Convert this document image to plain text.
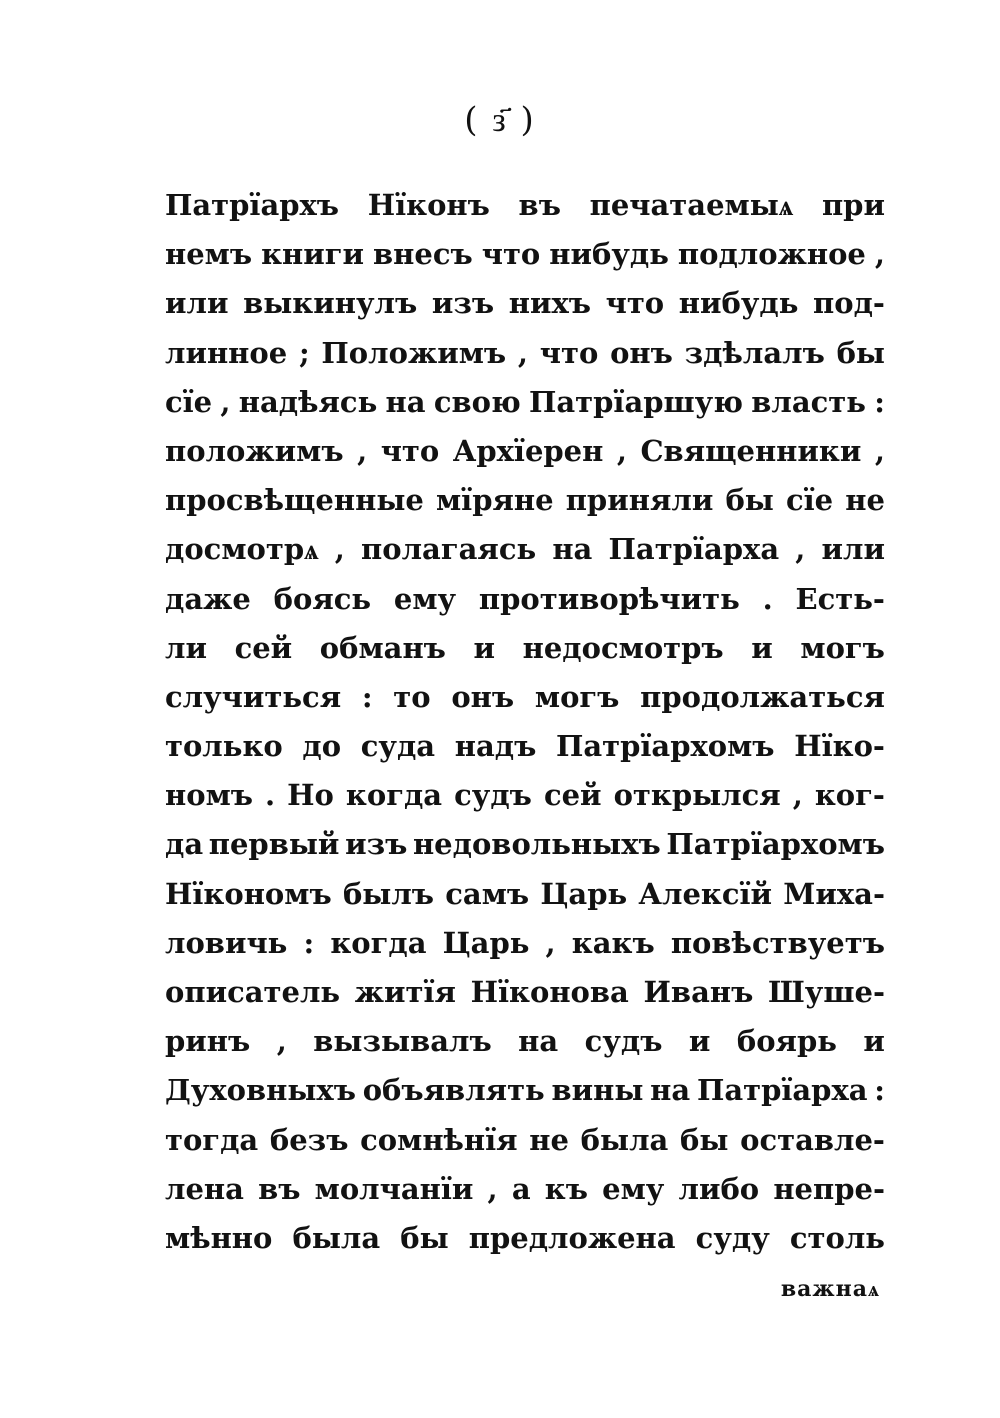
( з҃ )
Патрїархъ Нїконъ въ печатаемыѧ при
немъ книги внесъ что нибудь подложное ,
или выкинулъ изъ нихъ что нибудь под-
линное ; Положимъ , что онъ здѣлалъ бы
сїе , надѣясь на свою Патрїаршую власть :
положимъ , что Архїерен , Священники ,
просвѣщенные мїряне приняли бы сїе не
досмотрѧ , полагаясь на Патрїарха , или
даже боясь ему противорѣчить . Есть-
ли сей обманъ и недосмотръ и могъ
случиться : то онъ могъ продолжаться
только до суда надъ Патрїархомъ Нїко-
номъ . Но когда судъ сей открылся , ког-
да первый изъ недовольныхъ Патрїархомъ
Нїкономъ былъ самъ Царь Алексїй Миха-
ловичь : когда Царь , какъ повѣствуетъ
описатель житїя Нїконова Иванъ Шуше-
ринъ , вызывалъ на судъ и боярь и
Духовныхъ объявлять вины на Патрїарха :
тогда безъ сомнѣнїя не была бы оставле-
лена въ молчанїи , а къ ему либо непре-
мѣнно была бы предложена суду столь
важнаѧ
